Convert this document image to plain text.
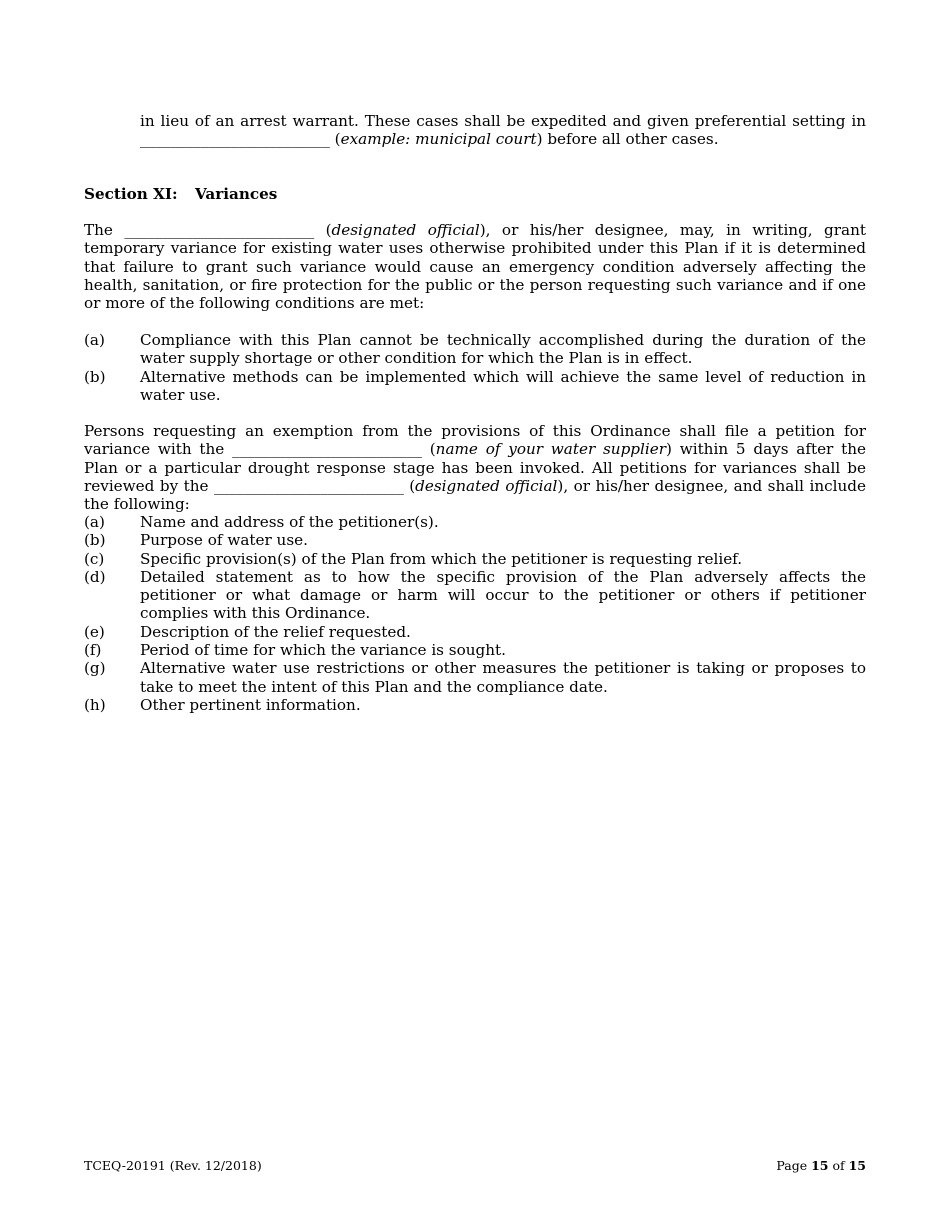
in lieu of an arrest warrant. These cases shall be expedited and given preferential setting in _________________________ (example: municipal court) before all other cases.

Section XI: Variances

The _________________________ (designated official), or his/her designee, may, in writing, grant temporary variance for existing water uses otherwise prohibited under this Plan if it is determined that failure to grant such variance would cause an emergency condition adversely affecting the health, sanitation, or fire protection for the public or the person requesting such variance and if one or more of the following conditions are met:

(a)	Compliance with this Plan cannot be technically accomplished during the duration of the water supply shortage or other condition for which the Plan is in effect.
(b)	Alternative methods can be implemented which will achieve the same level of reduction in water use.

Persons requesting an exemption from the provisions of this Ordinance shall file a petition for variance with the _________________________ (name of your water supplier) within 5 days after the Plan or a particular drought response stage has been invoked. All petitions for variances shall be reviewed by the _________________________ (designated official), or his/her designee, and shall include the following:

(a)	Name and address of the petitioner(s).
(b)	Purpose of water use.
(c)	Specific provision(s) of the Plan from which the petitioner is requesting relief.
(d)	Detailed statement as to how the specific provision of the Plan adversely affects the petitioner or what damage or harm will occur to the petitioner or others if petitioner complies with this Ordinance.
(e)	Description of the relief requested.
(f)	Period of time for which the variance is sought.
(g)	Alternative water use restrictions or other measures the petitioner is taking or proposes to take to meet the intent of this Plan and the compliance date.
(h)	Other pertinent information.
TCEQ-20191 (Rev. 12/2018)	Page 15 of 15
